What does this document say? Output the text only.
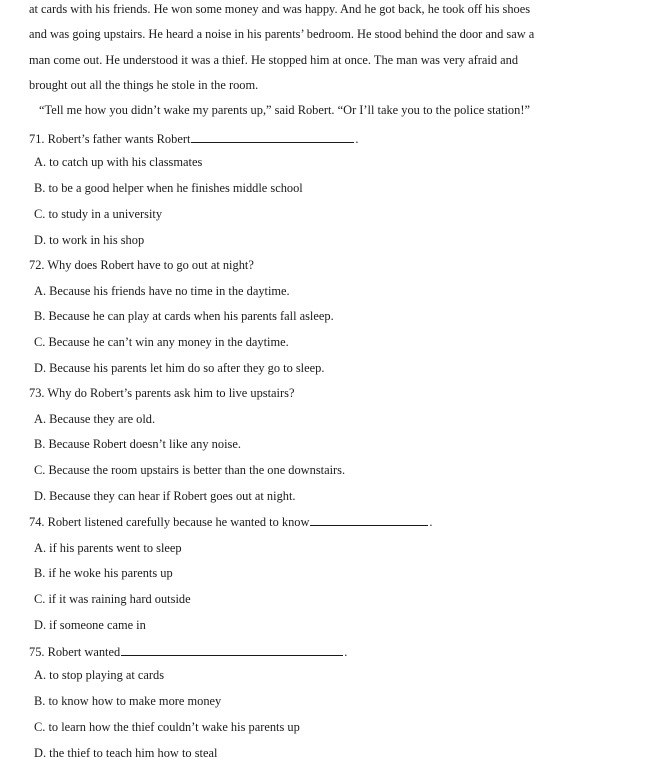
at cards with his friends. He won some money and was happy. And he got back, he took off his shoes
and was going upstairs. He heard a noise in his parents’ bedroom. He stood behind the door and saw a
man come out. He understood it was a thief. He stopped him at once. The man was very afraid and
brought out all the things he stole in the room.
“Tell me how you didn’t wake my parents up,” said Robert. “Or I’ll take you to the police station!”
71. Robert’s father wants Robert	.
A. to catch up with his classmates
B. to be a good helper when he finishes middle school
C. to study in a university
D. to work in his shop
72. Why does Robert have to go out at night?
A. Because his friends have no time in the daytime.
B. Because he can play at cards when his parents fall asleep.
C. Because he can’t win any money in the daytime.
D. Because his parents let him do so after they go to sleep.
73. Why do Robert’s parents ask him to live upstairs?
A. Because they are old.
B. Because Robert doesn’t like any noise.
C. Because the room upstairs is better than the one downstairs.
D. Because they can hear if Robert goes out at night.
74. Robert listened carefully because he wanted to know	.
A. if his parents went to sleep
B. if he woke his parents up
C. if it was raining hard outside
D. if someone came in
75. Robert wanted	.
A. to stop playing at cards
B. to know how to make more money
C. to learn how the thief couldn’t wake his parents up
D. the thief to teach him how to steal
